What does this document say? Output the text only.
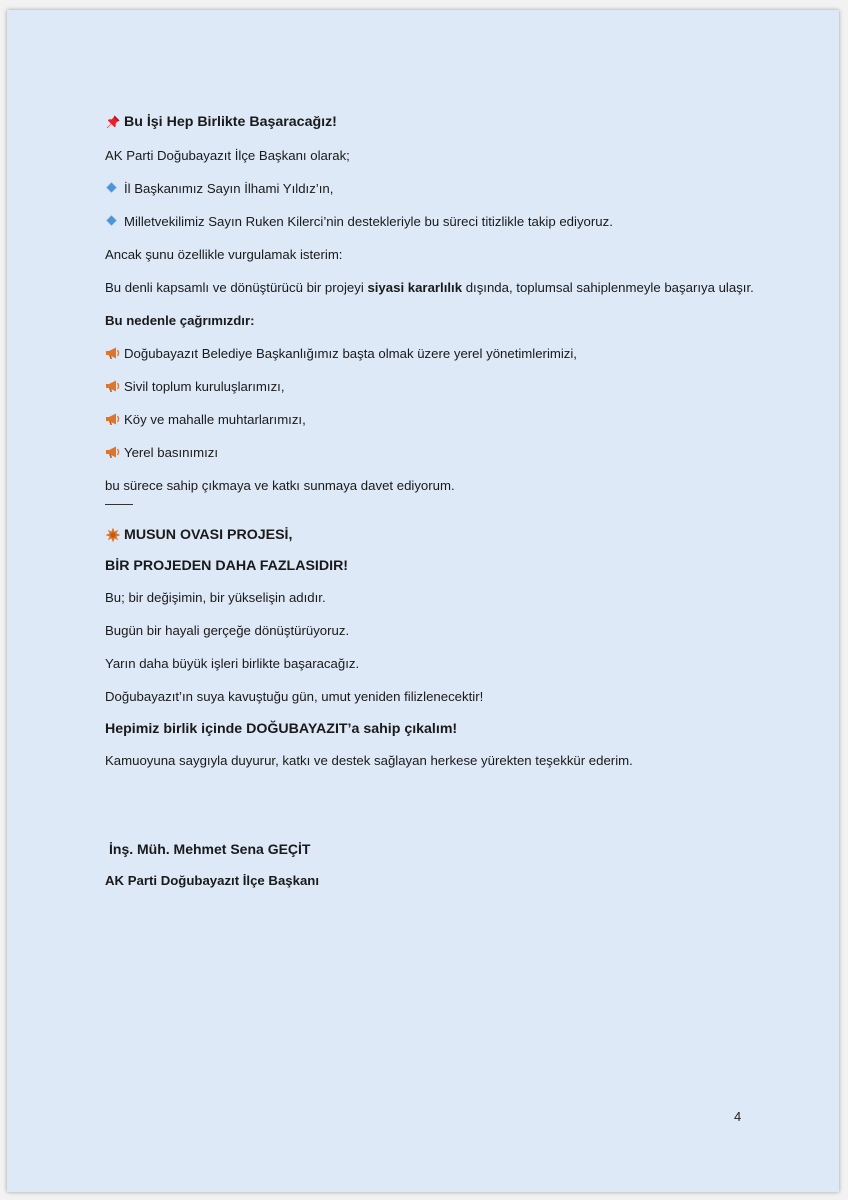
Bu İşi Hep Birlikte Başaracağız!

AK Parti Doğubayazıt İlçe Başkanı olarak;

İl Başkanımız Sayın İlhami Yıldız’ın,

Milletvekilimiz Sayın Ruken Kilerci’nin destekleriyle bu süreci titizlikle takip ediyoruz.

Ancak şunu özellikle vurgulamak isterim:

Bu denli kapsamlı ve dönüştürücü bir projeyi siyasi kararlılık dışında, toplumsal sahiplenmeyle başarıya ulaşır.

Bu nedenle çağrımızdır:

Doğubayazıt Belediye Başkanlığımız başta olmak üzere yerel yönetimlerimizi,

Sivil toplum kuruluşlarımızı,

Köy ve mahalle muhtarlarımızı,

Yerel basınımızı

bu sürece sahip çıkmaya ve katkı sunmaya davet ediyorum.

MUSUN OVASI PROJESİ,

BİR PROJEDEN DAHA FAZLASIDIR!

Bu; bir değişimin, bir yükselişin adıdır.

Bugün bir hayali gerçeğe dönüştürüyoruz.

Yarın daha büyük işleri birlikte başaracağız.

Doğubayazıt’ın suya kavuştuğu gün, umut yeniden filizlenecektir!

Hepimiz birlik içinde DOĞUBAYAZIT’a sahip çıkalım!

Kamuoyuna saygıyla duyurur, katkı ve destek sağlayan herkese yürekten teşekkür ederim.

İnş. Müh. Mehmet Sena GEÇİT

AK Parti Doğubayazıt İlçe Başkanı

4
